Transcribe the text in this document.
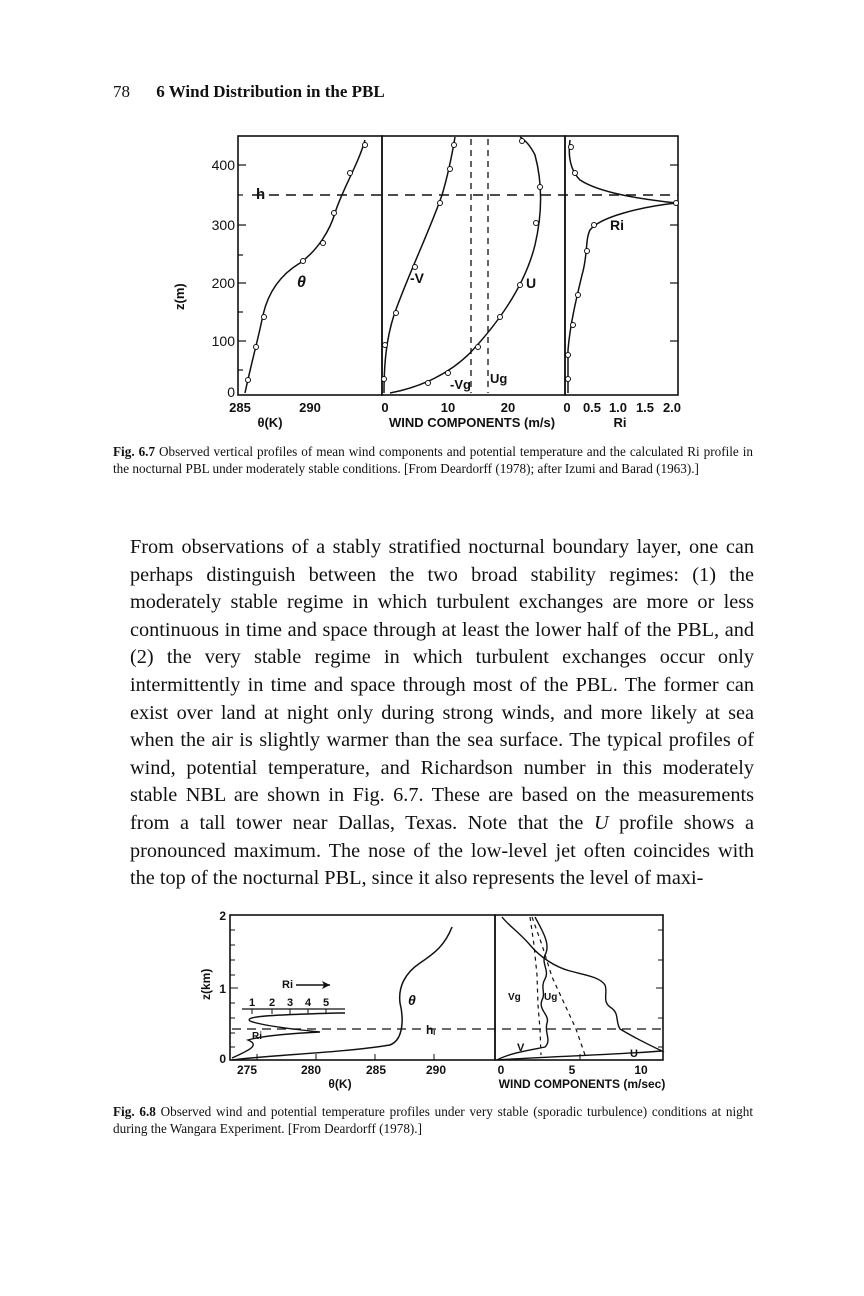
78 6 Wind Distribution in the PBL
400
300
200
100
0
z(m)
h
θ	-V	U
-Vg Ug
Ri
285	290	0	10	20	0 0.5 1.0 1.5 2.0
θ(K)	WIND COMPONENTS (m/s)	Ri
Fig. 6.7 Observed vertical profiles of mean wind components and potential temperature and the calculated Ri profile in the nocturnal PBL under moderately stable conditions. [From Deardorff (1978); after Izumi and Barad (1963).]

From observations of a stably stratified nocturnal boundary layer, one can perhaps distinguish between the two broad stability regimes: (1) the moderately stable regime in which turbulent exchanges are more or less continuous in time and space through at least the lower half of the PBL, and (2) the very stable regime in which turbulent exchanges occur only intermittently in time and space through most of the PBL. The former can exist over land at night only during strong winds, and more likely at sea when the air is slightly warmer than the sea surface. The typical profiles of wind, potential temperature, and Richardson number in this moderately stable NBL are shown in Fig. 6.7. These are based on the measurements from a tall tower near Dallas, Texas. Note that the U profile shows a pronounced maximum. The nose of the low-level jet often coincides with the top of the nocturnal PBL, since it also represents the level of maxi-

2
1
0
z(km)	Ri
1 2 3 4 5
Ri	hᵢ
θ	Vg Ug
V	U
275	280	285	290	0	5	10
θ(K)	WIND COMPONENTS (m/sec)
Fig. 6.8 Observed wind and potential temperature profiles under very stable (sporadic turbulence) conditions at night during the Wangara Experiment. [From Deardorff (1978).]
